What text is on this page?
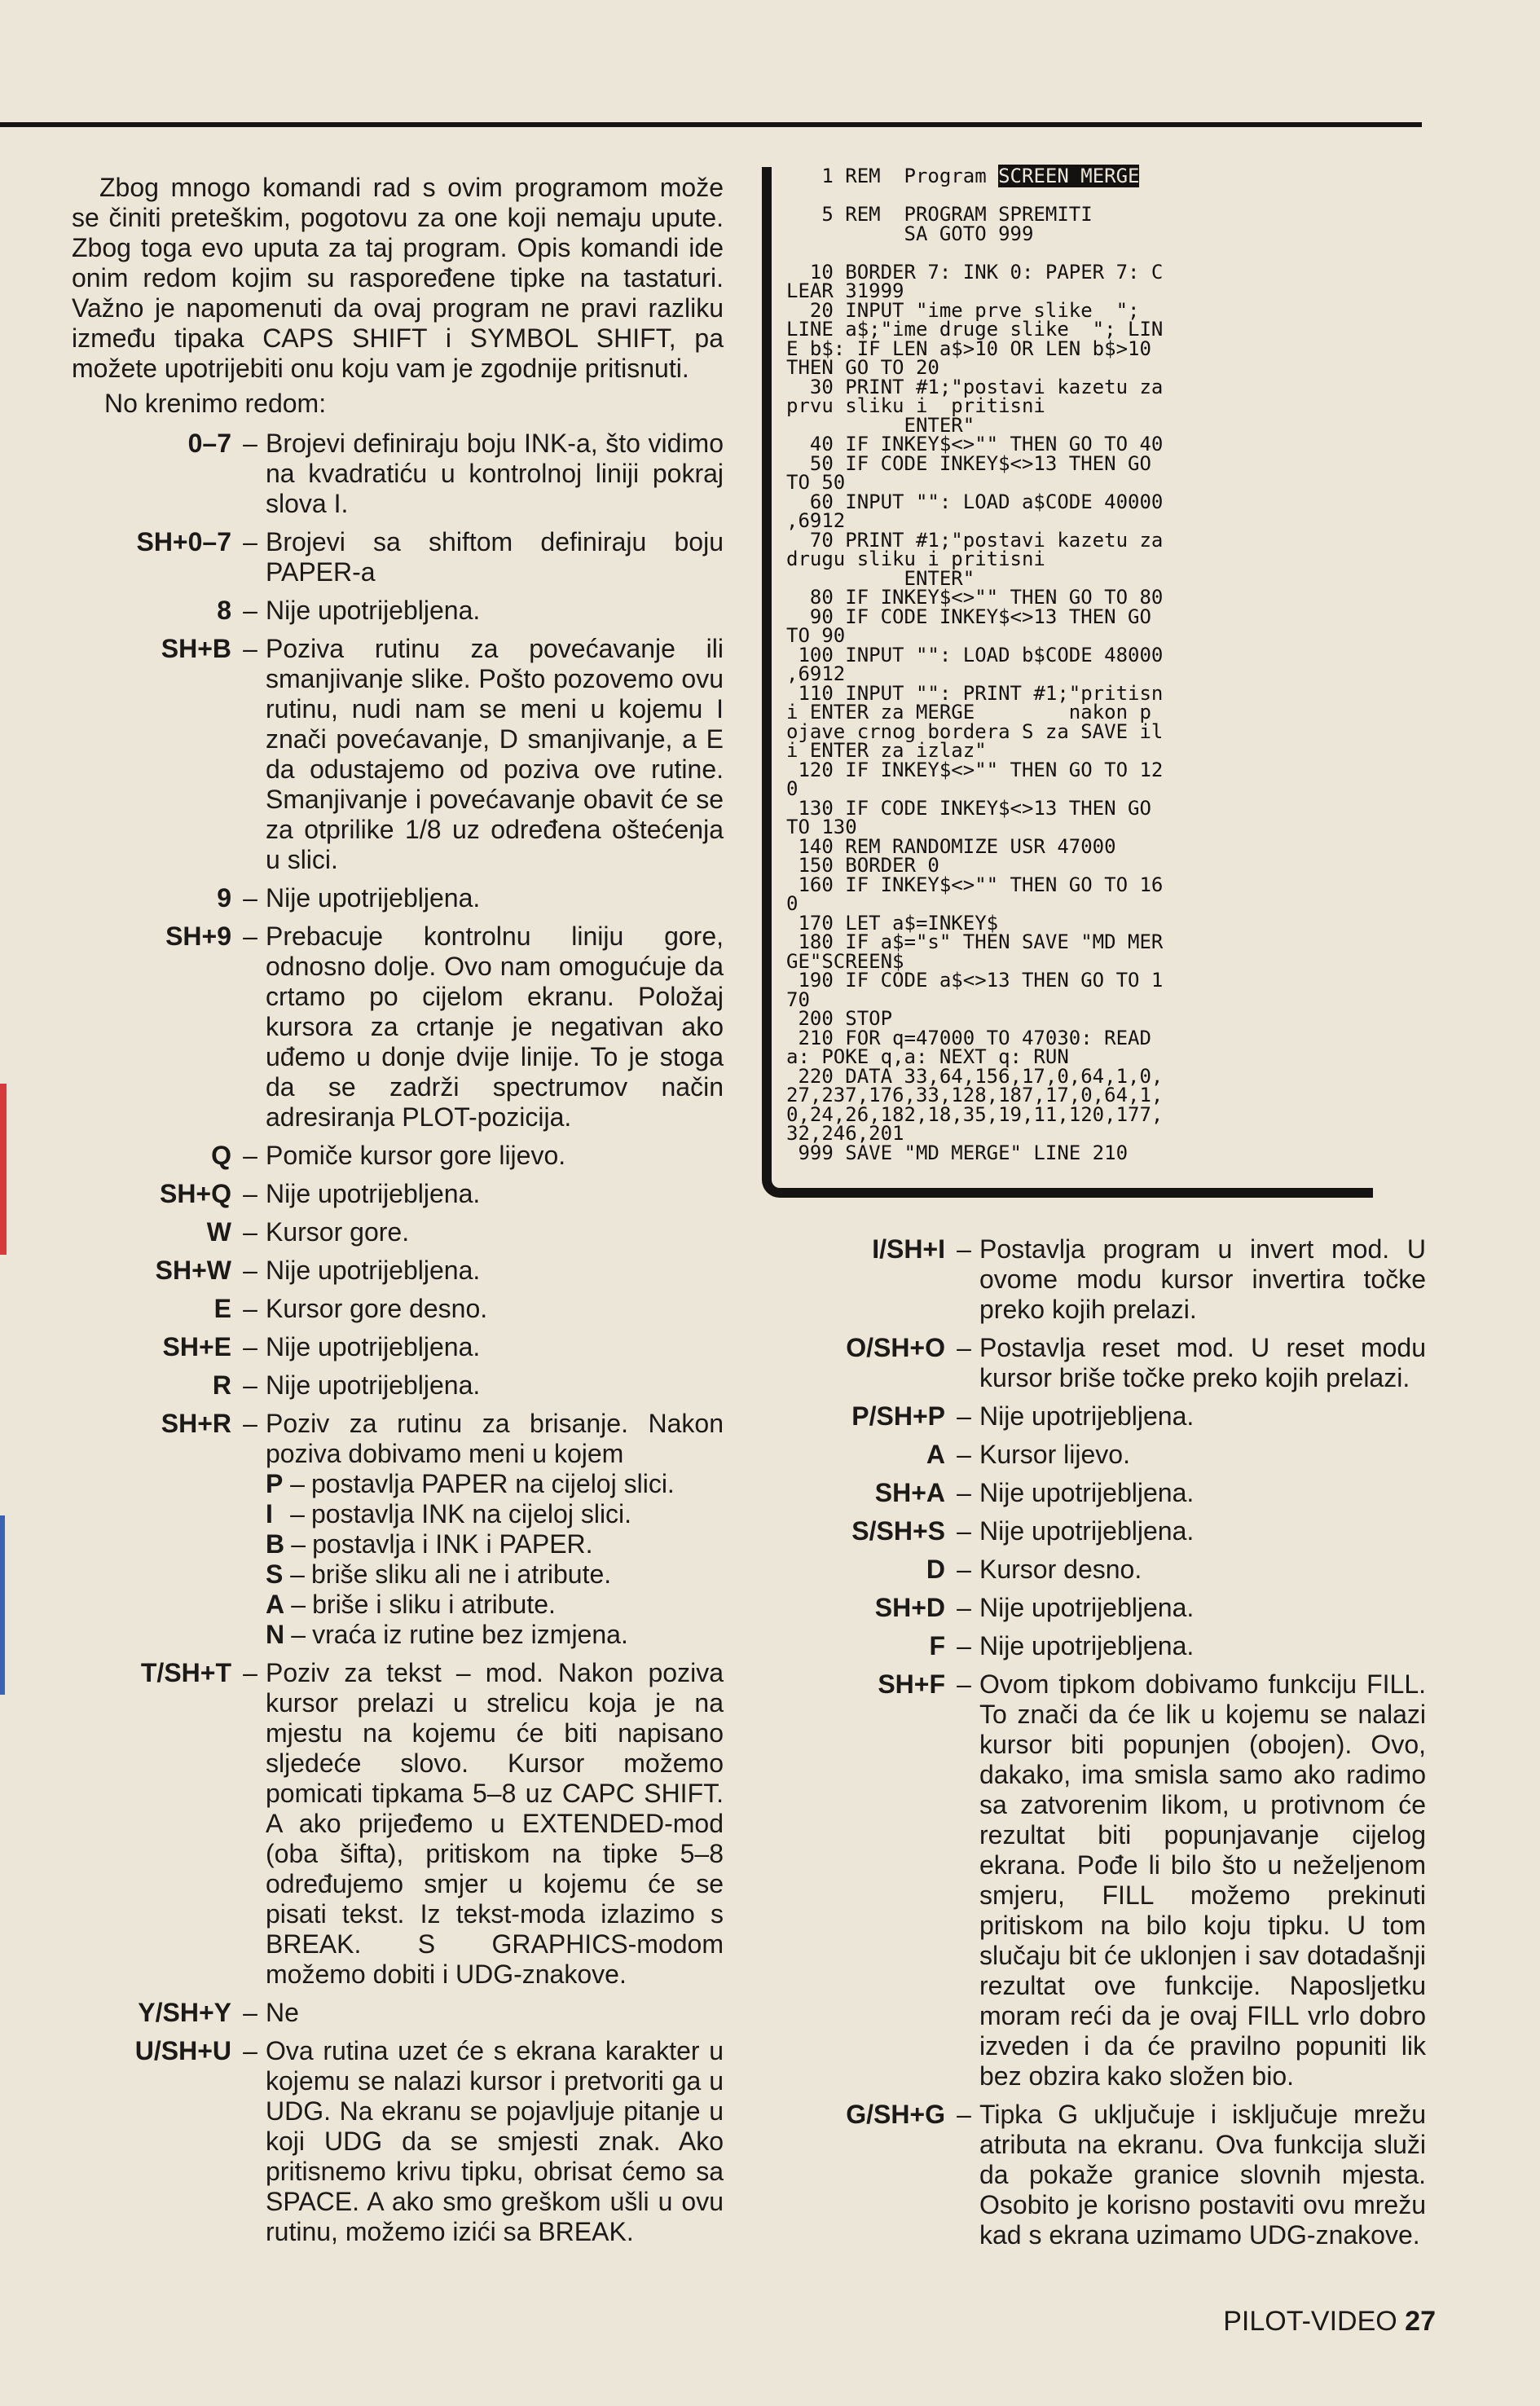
Zbog mnogo komandi rad s ovim programom može se činiti preteškim, pogotovu za one koji nemaju upute. Zbog toga evo uputa za taj program. Opis komandi ide onim redom kojim su raspoređene tipke na tastaturi. Važno je napomenuti da ovaj program ne pravi razliku između tipaka CAPS SHIFT i SYMBOL SHIFT, pa možete upotrijebiti onu koju vam je zgodnije pritisnuti.

No krenimo redom:

0–7 – Brojevi definiraju boju INK-a, što vidimo na kvadratiću u kontrolnoj liniji pokraj slova I.

SH+0–7 – Brojevi sa shiftom definiraju boju PAPER-a

8 – Nije upotrijebljena.

SH+B – Poziva rutinu za povećavanje ili smanjivanje slike. Pošto pozovemo ovu rutinu, nudi nam se meni u kojemu I znači povećavanje, D smanjivanje, a E da odustajemo od poziva ove rutine. Smanjivanje i povećavanje obavit će se za otprilike 1/8 uz određena oštećenja u slici.

9 – Nije upotrijebljena.

SH+9 – Prebacuje kontrolnu liniju gore, odnosno dolje. Ovo nam omogućuje da crtamo po cijelom ekranu. Položaj kursora za crtanje je negativan ako uđemo u donje dvije linije. To je stoga da se zadrži spectrumov način adresiranja PLOT-pozicija.

Q – Pomiče kursor gore lijevo.

SH+Q – Nije upotrijebljena.

W – Kursor gore.

SH+W – Nije upotrijebljena.

E – Kursor gore desno.

SH+E – Nije upotrijebljena.

R – Nije upotrijebljena.

SH+R – Poziv za rutinu za brisanje. Nakon poziva dobivamo meni u kojem

P – postavlja PAPER na cijeloj slici.
I – postavlja INK na cijeloj slici.
B – postavlja i INK i PAPER.
S – briše sliku ali ne i atribute.
A – briše i sliku i atribute.
N – vraća iz rutine bez izmjena.
T/SH+T – Poziv za tekst – mod. Nakon poziva kursor prelazi u strelicu koja je na mjestu na kojemu će biti napisano sljedeće slovo. Kursor možemo pomicati tipkama 5–8 uz CAPC SHIFT. A ako prijeđemo u EXTENDED-mod (oba šifta), pritiskom na tipke 5–8 određujemo smjer u kojemu će se pisati tekst. Iz tekst-moda izlazimo s BREAK. S GRAPHICS-modom možemo dobiti i UDG-znakove.

Y/SH+Y – Ne

U/SH+U – Ova rutina uzet će s ekrana karakter u kojemu se nalazi kursor i pretvoriti ga u UDG. Na ekranu se pojavljuje pitanje u koji UDG da se smjesti znak. Ako pritisnemo krivu tipku, obrisat ćemo sa SPACE. A ako smo greškom ušli u ovu rutinu, možemo izići sa BREAK.

1 REM  Program SCREEN MERGE

5 REM  PROGRAM SPREMITI
SA GOTO 999

10 BORDER 7: INK 0: PAPER 7: C
LEAR 31999
20 INPUT "ime prve slike  ";
LINE a$;"ime druge slike  "; LIN
E b$: IF LEN a$>10 OR LEN b$>10
THEN GO TO 20
30 PRINT #1;"postavi kazetu za
prvu sliku i  pritisni
ENTER"
40 IF INKEY$<>"" THEN GO TO 40
50 IF CODE INKEY$<>13 THEN GO
TO 50
60 INPUT "": LOAD a$CODE 40000
,6912
70 PRINT #1;"postavi kazetu za
drugu sliku i pritisni
ENTER"
80 IF INKEY$<>"" THEN GO TO 80
90 IF CODE INKEY$<>13 THEN GO
TO 90
100 INPUT "": LOAD b$CODE 48000
,6912
110 INPUT "": PRINT #1;"pritisn
i ENTER za MERGE        nakon p
ojave crnog bordera S za SAVE il
i ENTER za izlaz"
120 IF INKEY$<>"" THEN GO TO 12
0
130 IF CODE INKEY$<>13 THEN GO
TO 130
140 REM RANDOMIZE USR 47000
150 BORDER 0
160 IF INKEY$<>"" THEN GO TO 16
0
170 LET a$=INKEY$
180 IF a$="s" THEN SAVE "MD MER
GE"SCREEN$
190 IF CODE a$<>13 THEN GO TO 1
70
200 STOP
210 FOR q=47000 TO 47030: READ
a: POKE q,a: NEXT q: RUN
220 DATA 33,64,156,17,0,64,1,0,
27,237,176,33,128,187,17,0,64,1,
0,24,26,182,18,35,19,11,120,177,
32,246,201
999 SAVE "MD MERGE" LINE 210
I/SH+I – Postavlja program u invert mod. U ovome modu kursor invertira točke preko kojih prelazi.

O/SH+O – Postavlja reset mod. U reset modu kursor briše točke preko kojih prelazi.

P/SH+P – Nije upotrijebljena.

A – Kursor lijevo.

SH+A – Nije upotrijebljena.

S/SH+S – Nije upotrijebljena.

D – Kursor desno.

SH+D – Nije upotrijebljena.

F – Nije upotrijebljena.

SH+F – Ovom tipkom dobivamo funkciju FILL. To znači da će lik u kojemu se nalazi kursor biti popunjen (obojen). Ovo, dakako, ima smisla samo ako radimo sa zatvorenim likom, u protivnom će rezultat biti popunjavanje cijelog ekrana. Pođe li bilo što u neželjenom smjeru, FILL možemo prekinuti pritiskom na bilo koju tipku. U tom slučaju bit će uklonjen i sav dotadašnji rezultat ove funkcije. Naposljetku moram reći da je ovaj FILL vrlo dobro izveden i da će pravilno popuniti lik bez obzira kako složen bio.

G/SH+G – Tipka G uključuje i isključuje mrežu atributa na ekranu. Ova funkcija služi da pokaže granice slovnih mjesta. Osobito je korisno postaviti ovu mrežu kad s ekrana uzimamo UDG-znakove.

PILOT-VIDEO 27
